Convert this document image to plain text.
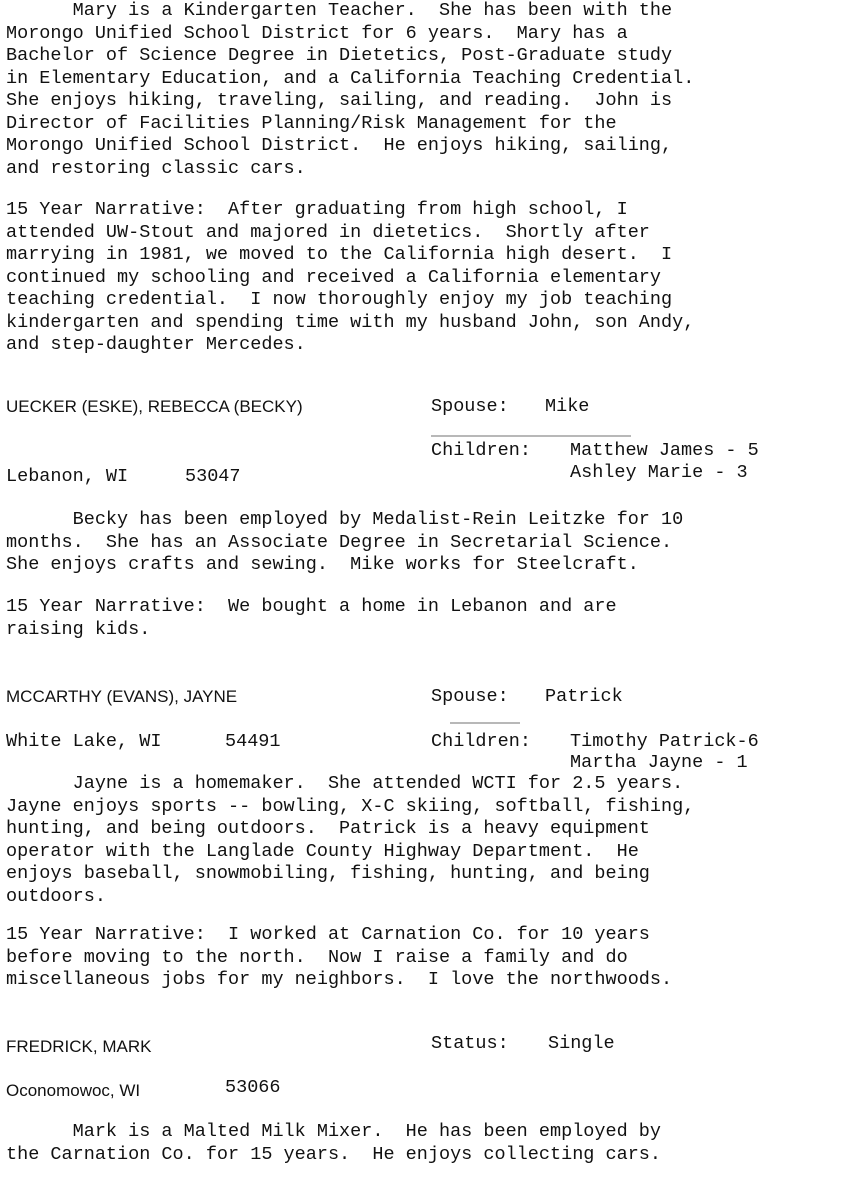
Mary is a Kindergarten Teacher.  She has been with the
Morongo Unified School District for 6 years.  Mary has a
Bachelor of Science Degree in Dietetics, Post-Graduate study
in Elementary Education, and a California Teaching Credential.
She enjoys hiking, traveling, sailing, and reading.  John is
Director of Facilities Planning/Risk Management for the
Morongo Unified School District.  He enjoys hiking, sailing,
and restoring classic cars.
15 Year Narrative:  After graduating from high school, I
attended UW-Stout and majored in dietetics.  Shortly after
marrying in 1981, we moved to the California high desert.  I
continued my schooling and received a California elementary
teaching credential.  I now thoroughly enjoy my job teaching
kindergarten and spending time with my husband John, son Andy,
and step-daughter Mercedes.
UECKER (ESKE), REBECCA (BECKY)	Spouse: Mike
Children: Matthew James - 5
Lebanon, WI	53047	Ashley Marie - 3
Becky has been employed by Medalist-Rein Leitzke for 10
months.  She has an Associate Degree in Secretarial Science.
She enjoys crafts and sewing.  Mike works for Steelcraft.
15 Year Narrative:  We bought a home in Lebanon and are
raising kids.
MCCARTHY (EVANS), JAYNE	Spouse: Patrick
White Lake, WI	54491	Children: Timothy Patrick-6
Martha Jayne - 1
Jayne is a homemaker.  She attended WCTI for 2.5 years.
Jayne enjoys sports -- bowling, X-C skiing, softball, fishing,
hunting, and being outdoors.  Patrick is a heavy equipment
operator with the Langlade County Highway Department.  He
enjoys baseball, snowmobiling, fishing, hunting, and being
outdoors.
15 Year Narrative:  I worked at Carnation Co. for 10 years
before moving to the north.  Now I raise a family and do
miscellaneous jobs for my neighbors.  I love the northwoods.
FREDRICK, MARK	Status: Single
Oconomowoc, WI	53066
Mark is a Malted Milk Mixer.  He has been employed by
the Carnation Co. for 15 years.  He enjoys collecting cars.
